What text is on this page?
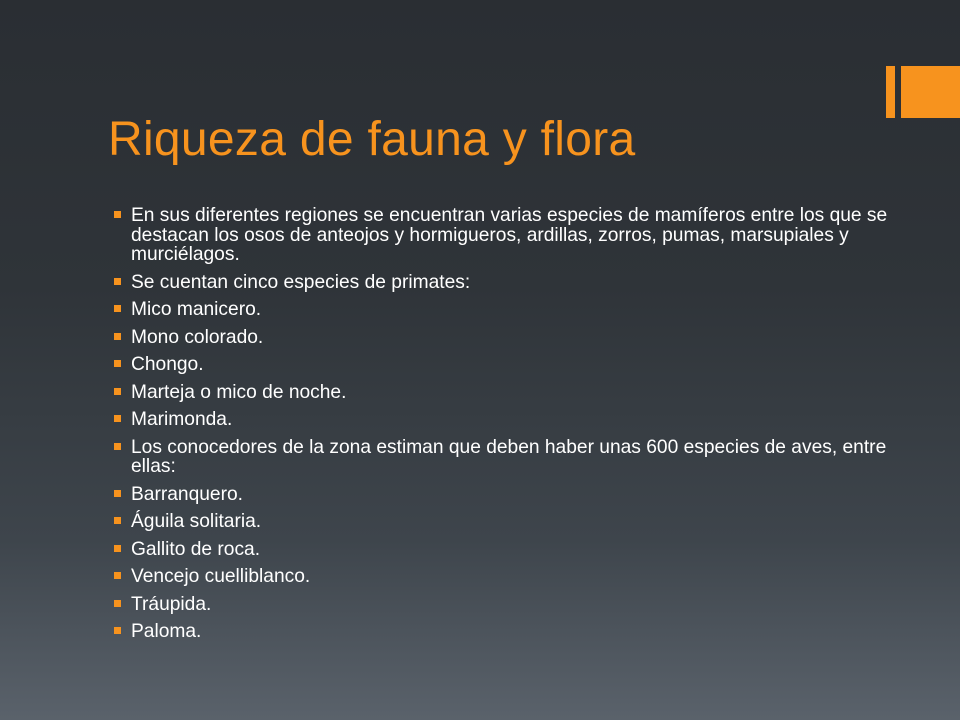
Riqueza de fauna y flora
En sus diferentes regiones se encuentran varias especies de mamíferos entre los que se destacan los osos de anteojos y hormigueros, ardillas, zorros, pumas, marsupiales y murciélagos.
Se cuentan cinco especies de primates:
Mico manicero.
Mono colorado.
Chongo.
Marteja o mico de noche.
Marimonda.
Los conocedores de la zona estiman que deben haber unas 600 especies de aves, entre ellas:
Barranquero.
Águila solitaria.
Gallito de roca.
Vencejo cuelliblanco.
Tráupida.
Paloma.
